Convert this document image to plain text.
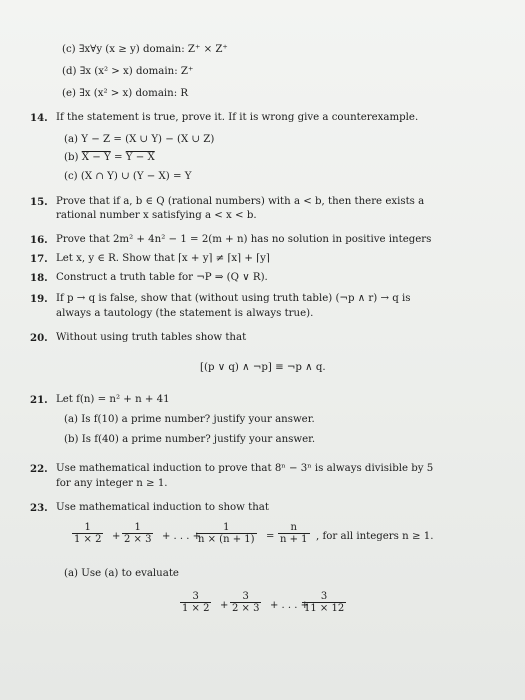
(c) ∃x∀y (x ≥ y) domain: Z⁺ × Z⁺
(d) ∃x (x² > x) domain: Z⁺
(e) ∃x (x² > x) domain: R
14. If the statement is true, prove it. If it is wrong give a counterexample.
(a) Y − Z = (X ∪ Y) − (X ∪ Z)
(b) X − Y = Y − X
(c) (X ∩ Y) ∪ (Y − X) = Y
15. Prove that if a, b ∈ Q (rational numbers) with a < b, then there exists a
rational number x satisfying a < x < b.
16. Prove that 2m² + 4n² − 1 = 2(m + n) has no solution in positive integers
17. Let x, y ∈ R. Show that ⌈x + y⌉ ≠ ⌈x⌉ + ⌈y⌉
18. Construct a truth table for ¬P ⇒ (Q ∨ R).
19. If p → q is false, show that (without using truth table) (¬p ∧ r) → q is
always a tautology (the statement is always true).
20. Without using truth tables show that
[(p ∨ q) ∧ ¬p] ≡ ¬p ∧ q.
21. Let f(n) = n² + n + 41
(a) Is f(10) a prime number? justify your answer.
(b) Is f(40) a prime number? justify your answer.
22. Use mathematical induction to prove that 8ⁿ − 3ⁿ is always divisible by 5
for any integer n ≥ 1.
23. Use mathematical induction to show that
$\frac{1}{1 \times 2} + \frac{1}{2 \times 3}$ + . . . +
$\frac{1}{n \times (n + 1)} = \frac{n}{n + 1}$ , for all integers n ≥ 1.
(a) Use (a) to evaluate
$\frac{3}{1 \times 2} + \frac{3}{2 \times 3}$ + . . . +
$\frac{3}{11 \times 12}$
